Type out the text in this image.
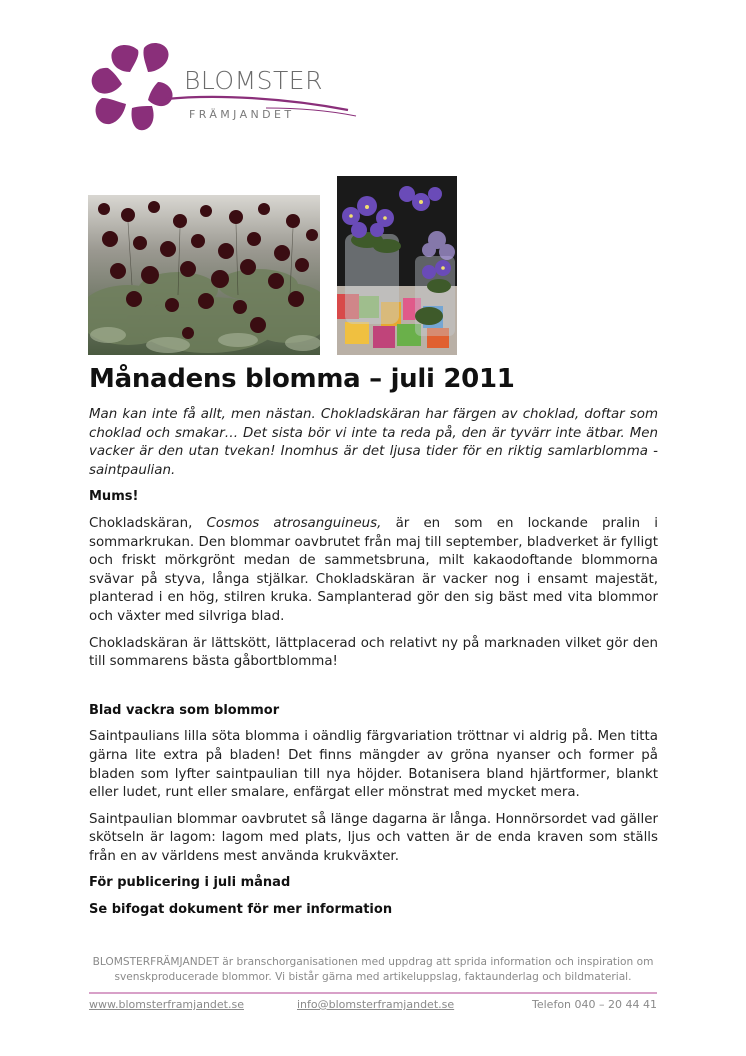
BLOMSTER
FRÄMJANDET
Månadens blomma – juli 2011

Man kan inte få allt, men nästan. Chokladskäran har färgen av choklad, doftar som choklad och smakar… Det sista bör vi inte ta reda på, den är tyvärr inte ätbar. Men vacker är den utan tvekan! Inomhus är det ljusa tider för en riktig samlarblomma - saintpaulian.

Mums!

Chokladskäran, Cosmos atrosanguineus, är en som en lockande pralin i sommarkrukan. Den blommar oavbrutet från maj till september, bladverket är fylligt och friskt mörkgrönt medan de sammetsbruna, milt kakaodoftande blommorna svävar på styva, långa stjälkar. Chokladskäran är vacker nog i ensamt majestät, planterad i en hög, stilren kruka. Samplanterad gör den sig bäst med vita blommor och växter med silvriga blad.

Chokladskäran är lättskött, lättplacerad och relativt ny på marknaden vilket gör den till sommarens bästa gåbortblomma!

Blad vackra som blommor

Saintpaulians lilla söta blomma i oändlig färgvariation tröttnar vi aldrig på. Men titta gärna lite extra på bladen! Det finns mängder av gröna nyanser och former på bladen som lyfter saintpaulian till nya höjder. Botanisera bland hjärtformer, blankt eller ludet, runt eller smalare, enfärgat eller mönstrat med mycket mera.

Saintpaulian blommar oavbrutet så länge dagarna är långa. Honnörsordet vad gäller skötseln är lagom: lagom med plats, ljus och vatten är de enda kraven som ställs från en av världens mest använda krukväxter.

För publicering i juli månad

Se bifogat dokument för mer information

BLOMSTERFRÄMJANDET är branschorganisationen med uppdrag att sprida information och inspiration om svenskproducerade blommor. Vi bistår gärna med artikeluppslag, faktaunderlag och bildmaterial.
www.blomsterframjandet.se	info@blomsterframjandet.se	Telefon 040 – 20 44 41
